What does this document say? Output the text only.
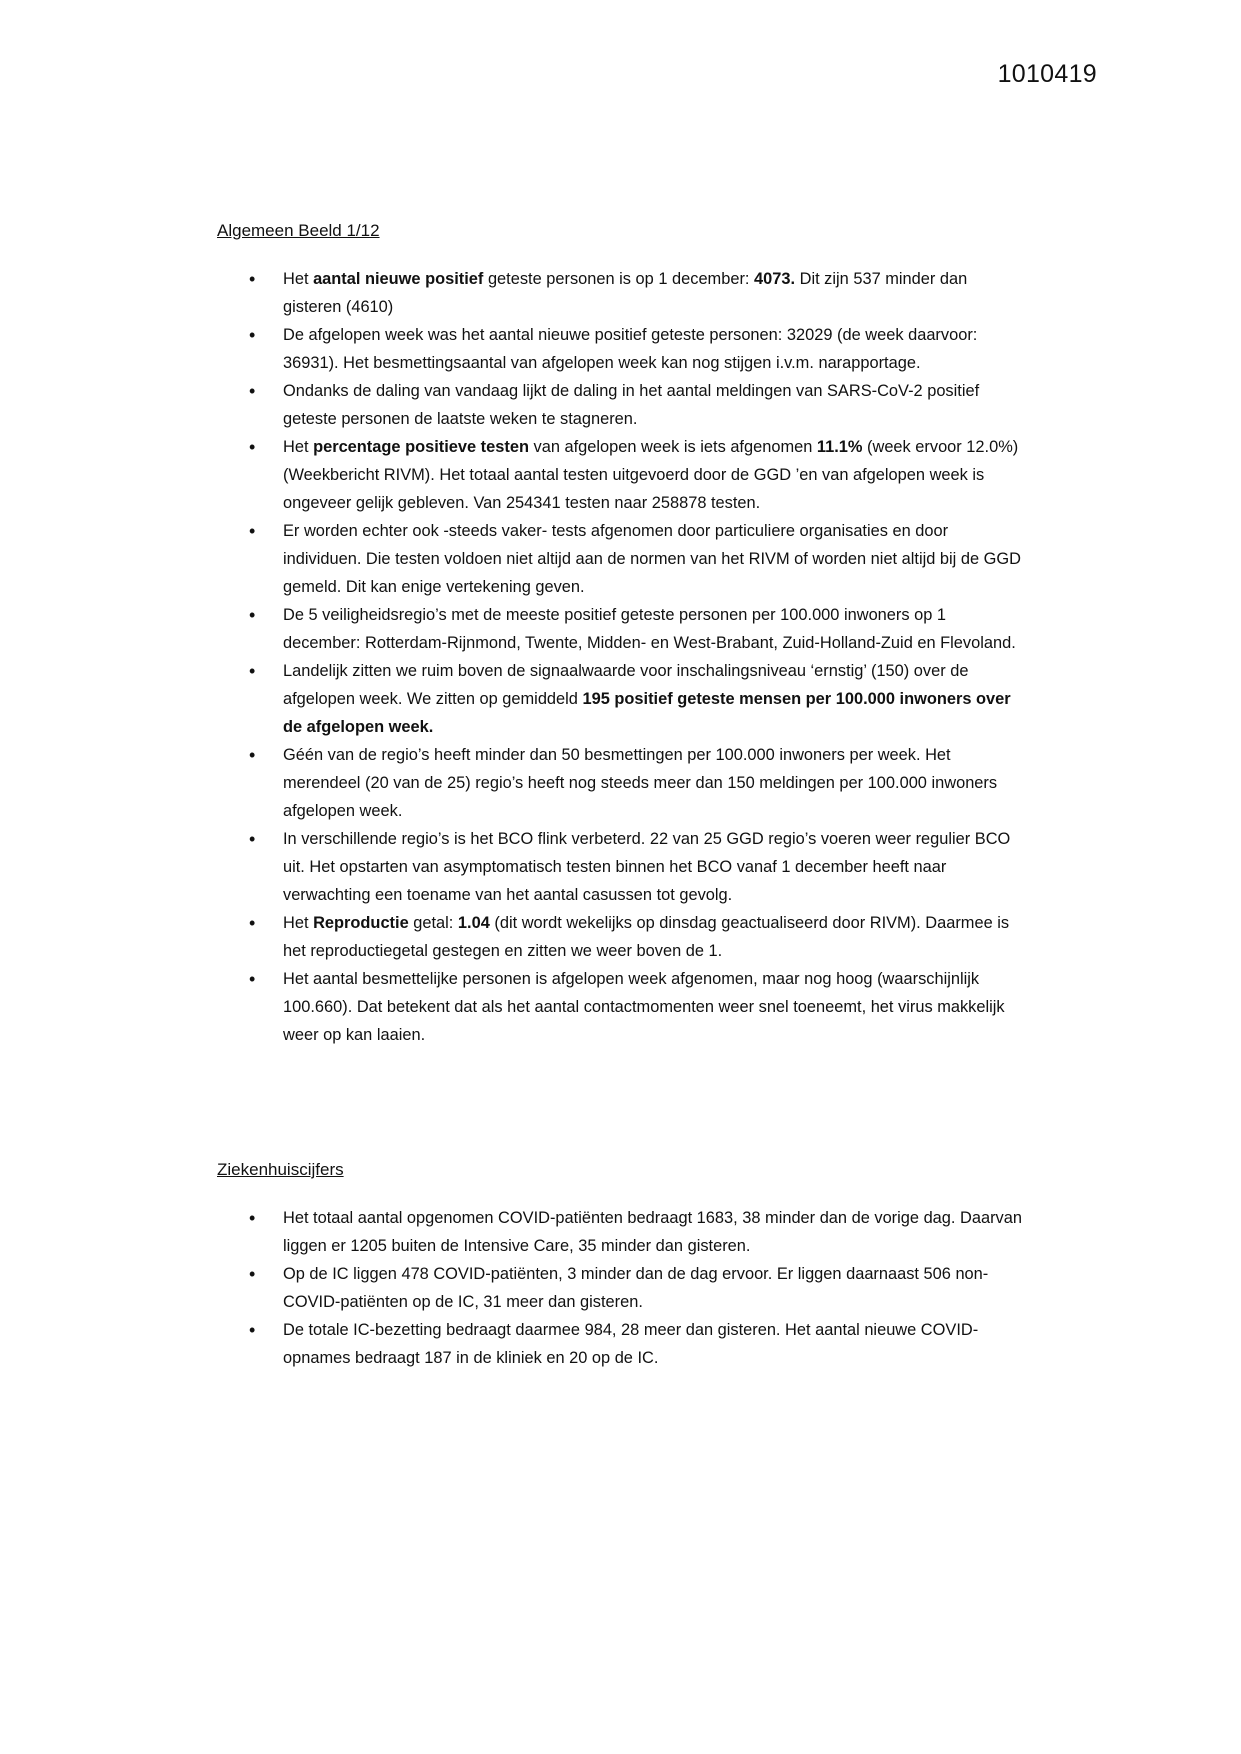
1010419
Algemeen Beeld 1/12
• Het aantal nieuwe positief geteste personen is op 1 december: 4073. Dit zijn 537 minder dan gisteren (4610)
• De afgelopen week was het aantal nieuwe positief geteste personen: 32029 (de week daarvoor: 36931). Het besmettingsaantal van afgelopen week kan nog stijgen i.v.m. narapportage.
• Ondanks de daling van vandaag lijkt de daling in het aantal meldingen van SARS-CoV-2 positief geteste personen de laatste weken te stagneren.
• Het percentage positieve testen van afgelopen week is iets afgenomen 11.1% (week ervoor 12.0%) (Weekbericht RIVM). Het totaal aantal testen uitgevoerd door de GGD ’en van afgelopen week is ongeveer gelijk gebleven. Van 254341 testen naar 258878 testen.
• Er worden echter ook -steeds vaker- tests afgenomen door particuliere organisaties en door individuen. Die testen voldoen niet altijd aan de normen van het RIVM of worden niet altijd bij de GGD gemeld. Dit kan enige vertekening geven.
• De 5 veiligheidsregio’s met de meeste positief geteste personen per 100.000 inwoners op 1 december: Rotterdam-Rijnmond, Twente, Midden- en West-Brabant, Zuid-Holland-Zuid en Flevoland.
• Landelijk zitten we ruim boven de signaalwaarde voor inschalingsniveau ‘ernstig’ (150) over de afgelopen week. We zitten op gemiddeld 195 positief geteste mensen per 100.000 inwoners over de afgelopen week.
• Géén van de regio’s heeft minder dan 50 besmettingen per 100.000 inwoners per week. Het merendeel (20 van de 25) regio’s heeft nog steeds meer dan 150 meldingen per 100.000 inwoners afgelopen week.
• In verschillende regio’s is het BCO flink verbeterd. 22 van 25 GGD regio’s voeren weer regulier BCO uit. Het opstarten van asymptomatisch testen binnen het BCO vanaf 1 december heeft naar verwachting een toename van het aantal casussen tot gevolg.
• Het Reproductie getal: 1.04 (dit wordt wekelijks op dinsdag geactualiseerd door RIVM). Daarmee is het reproductiegetal gestegen en zitten we weer boven de 1.
• Het aantal besmettelijke personen is afgelopen week afgenomen, maar nog hoog (waarschijnlijk 100.660). Dat betekent dat als het aantal contactmomenten weer snel toeneemt, het virus makkelijk weer op kan laaien.
Ziekenhuiscijfers
• Het totaal aantal opgenomen COVID-patiënten bedraagt 1683, 38 minder dan de vorige dag. Daarvan liggen er 1205 buiten de Intensive Care, 35 minder dan gisteren.
• Op de IC liggen 478 COVID-patiënten, 3 minder dan de dag ervoor. Er liggen daarnaast 506 non-COVID-patiënten op de IC, 31 meer dan gisteren.
• De totale IC-bezetting bedraagt daarmee 984, 28 meer dan gisteren. Het aantal nieuwe COVID-opnames bedraagt 187 in de kliniek en 20 op de IC.
